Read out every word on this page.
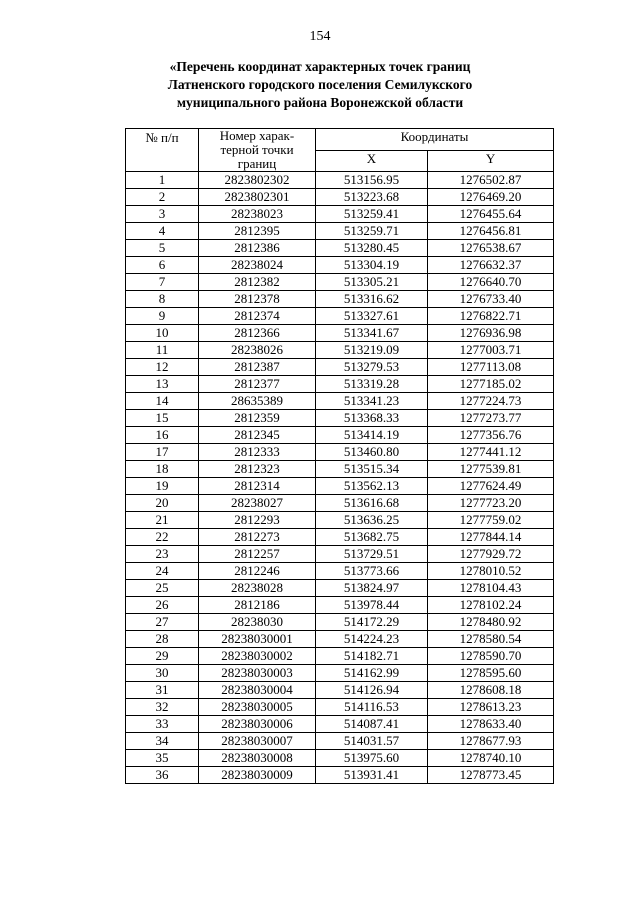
154
«Перечень координат характерных точек границ
Латненского городского поселения Семилукского
муниципального района Воронежской области
№ п/п	Номер харак-
терной точки
границ	Координаты	
		X	Y
1	2823802302	513156.95	1276502.87
2	2823802301	513223.68	1276469.20
3	28238023	513259.41	1276455.64
4	2812395	513259.71	1276456.81
5	2812386	513280.45	1276538.67
6	28238024	513304.19	1276632.37
7	2812382	513305.21	1276640.70
8	2812378	513316.62	1276733.40
9	2812374	513327.61	1276822.71
10	2812366	513341.67	1276936.98
11	28238026	513219.09	1277003.71
12	2812387	513279.53	1277113.08
13	2812377	513319.28	1277185.02
14	28635389	513341.23	1277224.73
15	2812359	513368.33	1277273.77
16	2812345	513414.19	1277356.76
17	2812333	513460.80	1277441.12
18	2812323	513515.34	1277539.81
19	2812314	513562.13	1277624.49
20	28238027	513616.68	1277723.20
21	2812293	513636.25	1277759.02
22	2812273	513682.75	1277844.14
23	2812257	513729.51	1277929.72
24	2812246	513773.66	1278010.52
25	28238028	513824.97	1278104.43
26	2812186	513978.44	1278102.24
27	28238030	514172.29	1278480.92
28	28238030001	514224.23	1278580.54
29	28238030002	514182.71	1278590.70
30	28238030003	514162.99	1278595.60
31	28238030004	514126.94	1278608.18
32	28238030005	514116.53	1278613.23
33	28238030006	514087.41	1278633.40
34	28238030007	514031.57	1278677.93
35	28238030008	513975.60	1278740.10
36	28238030009	513931.41	1278773.45
